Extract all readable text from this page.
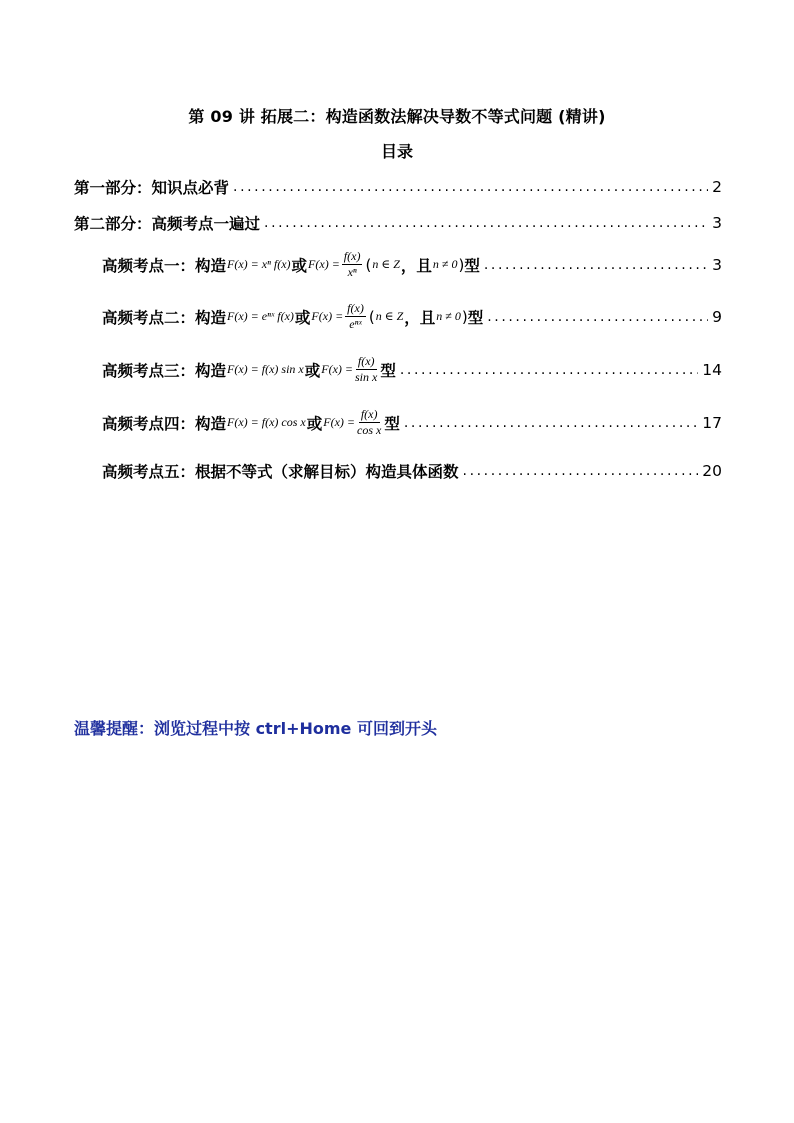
第 09 讲 拓展二：构造函数法解决导数不等式问题 (精讲)
目录
第一部分：知识点必背 .....	2
第二部分：高频考点一遍过 .....	3
高频考点一：构造 F(x) = xⁿ f(x) 或 $F(x) = \frac{f(x)}{\text{xⁿ}}$ ( n ∈ Z ，且 n ≠ 0 ) 型 .....	3
高频考点二：构造 F(x) = eⁿˣ f(x) 或 $F(x) = \frac{f(x)}{\text{eⁿˣ}}$ ( n ∈ Z ，且 n ≠ 0 ) 型 .....	9
高频考点三：构造 F(x) = f(x) sin x 或 $F(x) = \frac{f(x)}{\text{sin x}}$ 型 .....	14
高频考点四：构造 F(x) = f(x) cos x 或 $F(x) = \frac{f(x)}{\text{cos x}}$ 型 .....	17
高频考点五：根据不等式（求解目标）构造具体函数 .....	20
温馨提醒：浏览过程中按 ctrl+Home 可回到开头
